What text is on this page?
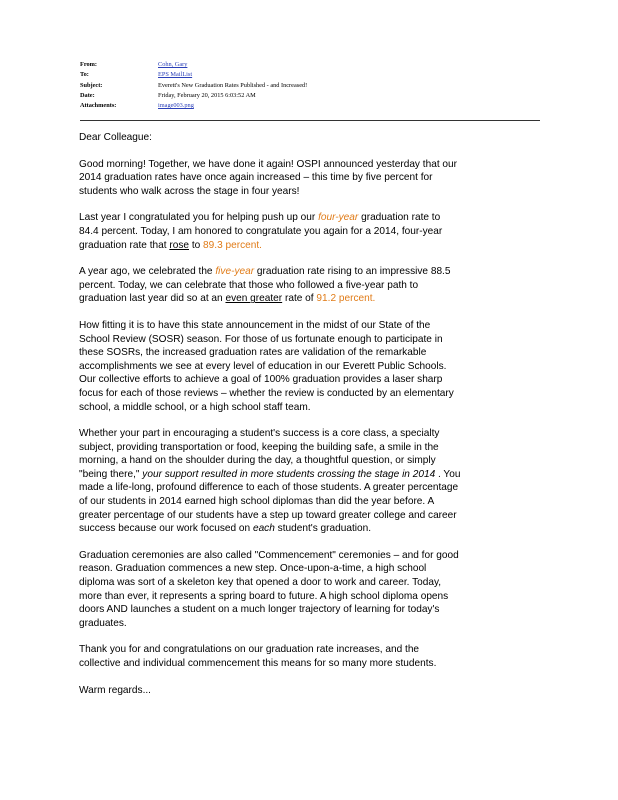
From:	Cohn, Gary
To:	EPS MailList
Subject:	Everett's New Graduation Rates Published - and Increased!
Date:	Friday, February 20, 2015 6:03:52 AM
Attachments:	image003.png

Dear Colleague:

Good morning! Together, we have done it again! OSPI announced yesterday that our
2014 graduation rates have once again increased – this time by five percent for
students who walk across the stage in four years!

Last year I congratulated you for helping push up our four-year graduation rate to
84.4 percent. Today, I am honored to congratulate you again for a 2014, four-year
graduation rate that rose to 89.3 percent.

A year ago, we celebrated the five-year graduation rate rising to an impressive 88.5
percent. Today, we can celebrate that those who followed a five-year path to
graduation last year did so at an even greater rate of 91.2 percent.

How fitting it is to have this state announcement in the midst of our State of the
School Review (SOSR) season. For those of us fortunate enough to participate in
these SOSRs, the increased graduation rates are validation of the remarkable
accomplishments we see at every level of education in our Everett Public Schools.
Our collective efforts to achieve a goal of 100% graduation provides a laser sharp
focus for each of those reviews – whether the review is conducted by an elementary
school, a middle school, or a high school staff team.

Whether your part in encouraging a student's success is a core class, a specialty
subject, providing transportation or food, keeping the building safe, a smile in the
morning, a hand on the shoulder during the day, a thoughtful question, or simply
"being there," your support resulted in more students crossing the stage in 2014 . You
made a life-long, profound difference to each of those students. A greater percentage
of our students in 2014 earned high school diplomas than did the year before. A
greater percentage of our students have a step up toward greater college and career
success because our work focused on each student's graduation.

Graduation ceremonies are also called "Commencement" ceremonies – and for good
reason. Graduation commences a new step. Once-upon-a-time, a high school
diploma was sort of a skeleton key that opened a door to work and career. Today,
more than ever, it represents a spring board to future. A high school diploma opens
doors AND launches a student on a much longer trajectory of learning for today's
graduates.

Thank you for and congratulations on our graduation rate increases, and the
collective and individual commencement this means for so many more students.

Warm regards...
